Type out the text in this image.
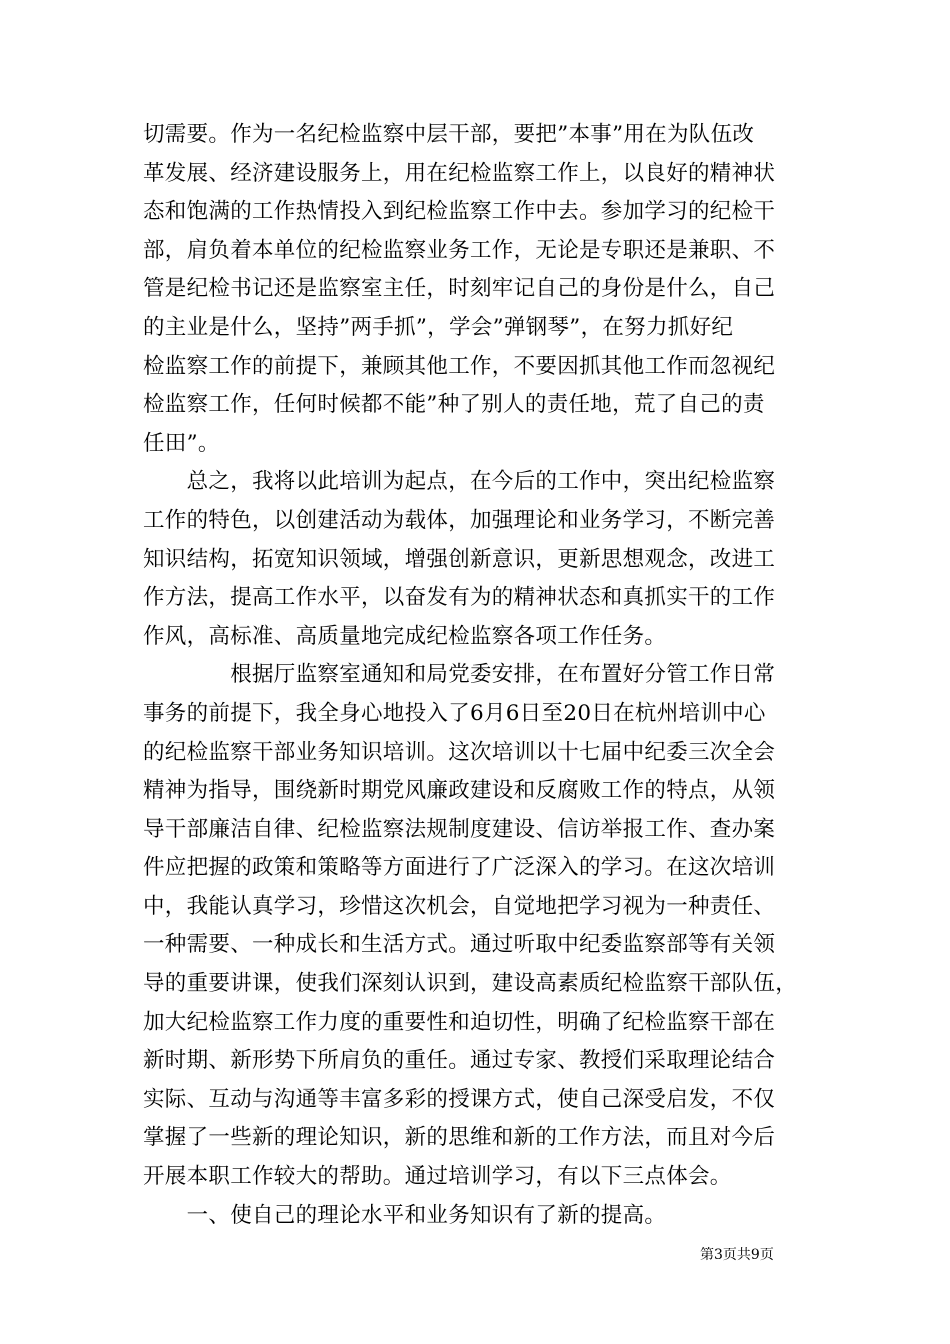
切需要。作为一名纪检监察中层干部，要把”本事”用在为队伍改
革发展、经济建设服务上，用在纪检监察工作上，以良好的精神状
态和饱满的工作热情投入到纪检监察工作中去。参加学习的纪检干
部，肩负着本单位的纪检监察业务工作，无论是专职还是兼职、不
管是纪检书记还是监察室主任，时刻牢记自己的身份是什么，自己
的主业是什么，坚持”两手抓”，学会”弹钢琴”，在努力抓好纪
检监察工作的前提下，兼顾其他工作，不要因抓其他工作而忽视纪
检监察工作，任何时候都不能”种了别人的责任地，荒了自己的责
任田”。
　　总之，我将以此培训为起点，在今后的工作中，突出纪检监察
工作的特色，以创建活动为载体，加强理论和业务学习，不断完善
知识结构，拓宽知识领域，增强创新意识，更新思想观念，改进工
作方法，提高工作水平，以奋发有为的精神状态和真抓实干的工作
作风，高标准、高质量地完成纪检监察各项工作任务。
　　　　根据厅监察室通知和局党委安排，在布置好分管工作日常
事务的前提下，我全身心地投入了6月6日至20日在杭州培训中心
的纪检监察干部业务知识培训。这次培训以十七届中纪委三次全会
精神为指导，围绕新时期党风廉政建设和反腐败工作的特点，从领
导干部廉洁自律、纪检监察法规制度建设、信访举报工作、查办案
件应把握的政策和策略等方面进行了广泛深入的学习。在这次培训
中，我能认真学习，珍惜这次机会，自觉地把学习视为一种责任、
一种需要、一种成长和生活方式。通过听取中纪委监察部等有关领
导的重要讲课，使我们深刻认识到，建设高素质纪检监察干部队伍，
加大纪检监察工作力度的重要性和迫切性，明确了纪检监察干部在
新时期、新形势下所肩负的重任。通过专家、教授们采取理论结合
实际、互动与沟通等丰富多彩的授课方式，使自己深受启发，不仅
掌握了一些新的理论知识，新的思维和新的工作方法，而且对今后
开展本职工作较大的帮助。通过培训学习，有以下三点体会。
　　一、使自己的理论水平和业务知识有了新的提高。
第3页共9页
